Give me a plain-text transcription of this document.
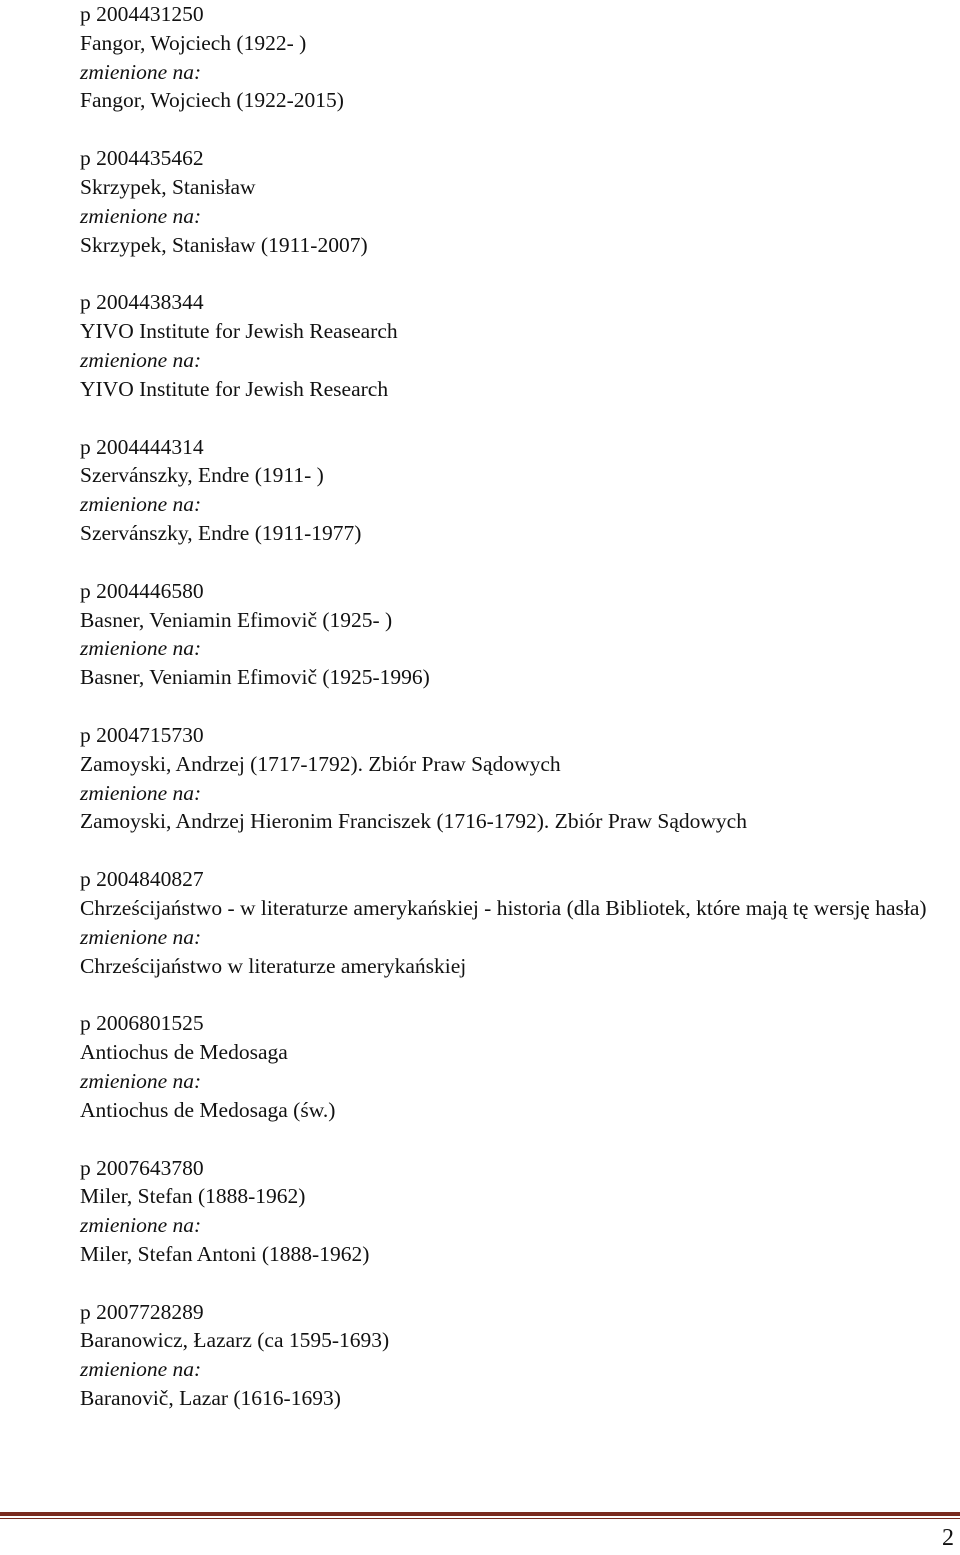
p 2004431250
Fangor, Wojciech (1922- )
zmienione na:
Fangor, Wojciech (1922-2015)
p 2004435462
Skrzypek, Stanisław
zmienione na:
Skrzypek, Stanisław (1911-2007)
p 2004438344
YIVO Institute for Jewish Reasearch
zmienione na:
YIVO Institute for Jewish Research
p 2004444314
Szervánszky, Endre (1911- )
zmienione na:
Szervánszky, Endre (1911-1977)
p 2004446580
Basner, Veniamin Efimovič (1925- )
zmienione na:
Basner, Veniamin Efimovič (1925-1996)
p 2004715730
Zamoyski, Andrzej (1717-1792). Zbiór Praw Sądowych
zmienione na:
Zamoyski, Andrzej Hieronim Franciszek (1716-1792). Zbiór Praw Sądowych
p 2004840827
Chrześcijaństwo - w literaturze amerykańskiej - historia (dla Bibliotek, które mają tę wersję hasła)
zmienione na:
Chrześcijaństwo w literaturze amerykańskiej
p 2006801525
Antiochus de Medosaga
zmienione na:
Antiochus de Medosaga (św.)
p 2007643780
Miler, Stefan (1888-1962)
zmienione na:
Miler, Stefan Antoni (1888-1962)
p 2007728289
Baranowicz, Łazarz (ca 1595-1693)
zmienione na:
Baranovič, Lazar (1616-1693)
2
